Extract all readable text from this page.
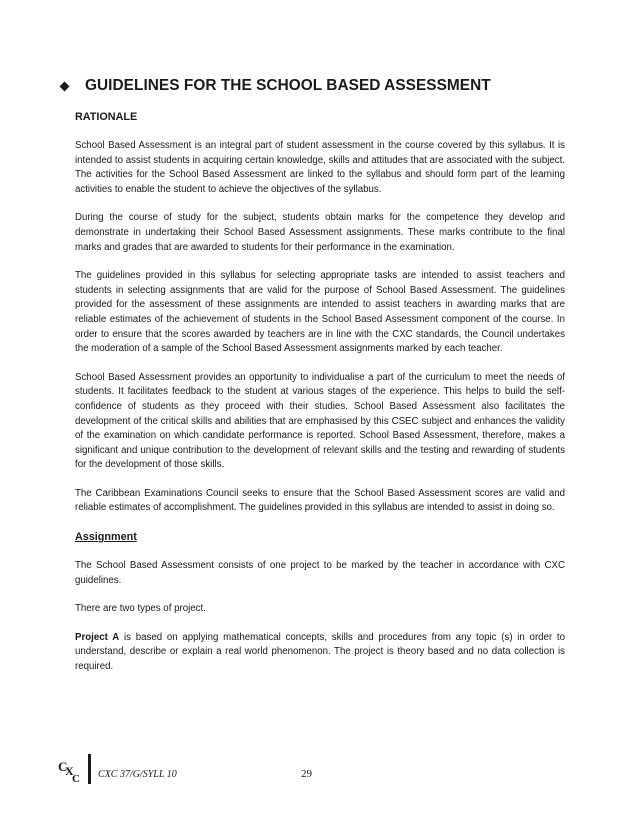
GUIDELINES FOR THE SCHOOL BASED ASSESSMENT
RATIONALE

School Based Assessment is an integral part of student assessment in the course covered by this syllabus. It is intended to assist students in acquiring certain knowledge, skills and attitudes that are associated with the subject. The activities for the School Based Assessment are linked to the syllabus and should form part of the learning activities to enable the student to achieve the objectives of the syllabus.

During the course of study for the subject, students obtain marks for the competence they develop and demonstrate in undertaking their School Based Assessment assignments. These marks contribute to the final marks and grades that are awarded to students for their performance in the examination.

The guidelines provided in this syllabus for selecting appropriate tasks are intended to assist teachers and students in selecting assignments that are valid for the purpose of School Based Assessment. The guidelines provided for the assessment of these assignments are intended to assist teachers in awarding marks that are reliable estimates of the achievement of students in the School Based Assessment component of the course. In order to ensure that the scores awarded by teachers are in line with the CXC standards, the Council undertakes the moderation of a sample of the School Based Assessment assignments marked by each teacher.

School Based Assessment provides an opportunity to individualise a part of the curriculum to meet the needs of students. It facilitates feedback to the student at various stages of the experience. This helps to build the self-confidence of students as they proceed with their studies. School Based Assessment also facilitates the development of the critical skills and abilities that are emphasised by this CSEC subject and enhances the validity of the examination on which candidate performance is reported. School Based Assessment, therefore, makes a significant and unique contribution to the development of relevant skills and the testing and rewarding of students for the development of those skills.

The Caribbean Examinations Council seeks to ensure that the School Based Assessment scores are valid and reliable estimates of accomplishment. The guidelines provided in this syllabus are intended to assist in doing so.

Assignment

The School Based Assessment consists of one project to be marked by the teacher in accordance with CXC guidelines.

There are two types of project.

Project A is based on applying mathematical concepts, skills and procedures from any topic (s) in order to understand, describe or explain a real world phenomenon. The project is theory based and no data collection is required.

C
X
C CXC 37/G/SYLL 10	29
